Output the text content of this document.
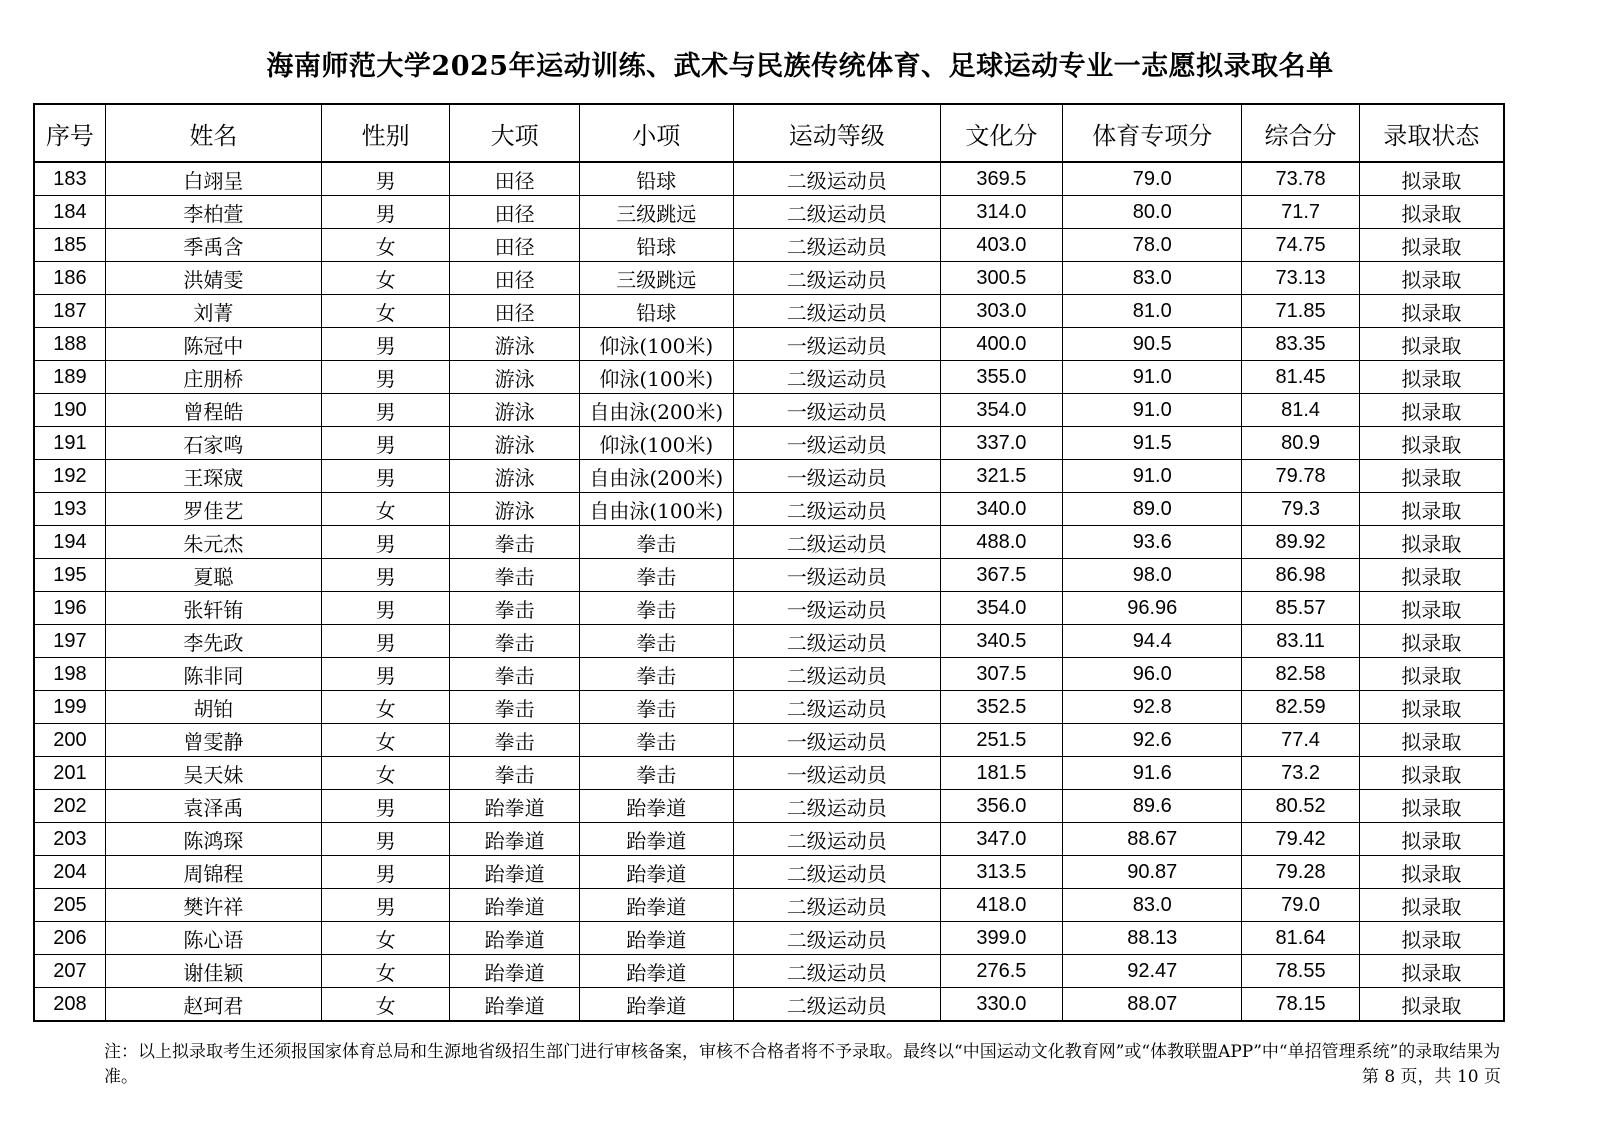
海南师范大学2025年运动训练、武术与民族传统体育、足球运动专业一志愿拟录取名单
序号	姓名	性别	大项	小项	运动等级	文化分	体育专项分	综合分	录取状态
183	白翊呈	男	田径	铅球	二级运动员	369.5	79.0	73.78	拟录取
184	李柏萱	男	田径	三级跳远	二级运动员	314.0	80.0	71.7	拟录取
185	季禹含	女	田径	铅球	二级运动员	403.0	78.0	74.75	拟录取
186	洪婧雯	女	田径	三级跳远	二级运动员	300.5	83.0	73.13	拟录取
187	刘菁	女	田径	铅球	二级运动员	303.0	81.0	71.85	拟录取
188	陈冠中	男	游泳	仰泳(100米)	一级运动员	400.0	90.5	83.35	拟录取
189	庄朋桥	男	游泳	仰泳(100米)	二级运动员	355.0	91.0	81.45	拟录取
190	曾程皓	男	游泳	自由泳(200米)	一级运动员	354.0	91.0	81.4	拟录取
191	石家鸣	男	游泳	仰泳(100米)	一级运动员	337.0	91.5	80.9	拟录取
192	王琛宬	男	游泳	自由泳(200米)	一级运动员	321.5	91.0	79.78	拟录取
193	罗佳艺	女	游泳	自由泳(100米)	二级运动员	340.0	89.0	79.3	拟录取
194	朱元杰	男	拳击	拳击	二级运动员	488.0	93.6	89.92	拟录取
195	夏聪	男	拳击	拳击	一级运动员	367.5	98.0	86.98	拟录取
196	张轩铕	男	拳击	拳击	一级运动员	354.0	96.96	85.57	拟录取
197	李先政	男	拳击	拳击	二级运动员	340.5	94.4	83.11	拟录取
198	陈非同	男	拳击	拳击	二级运动员	307.5	96.0	82.58	拟录取
199	胡铂	女	拳击	拳击	二级运动员	352.5	92.8	82.59	拟录取
200	曾雯静	女	拳击	拳击	一级运动员	251.5	92.6	77.4	拟录取
201	吴天妹	女	拳击	拳击	一级运动员	181.5	91.6	73.2	拟录取
202	袁泽禹	男	跆拳道	跆拳道	二级运动员	356.0	89.6	80.52	拟录取
203	陈鸿琛	男	跆拳道	跆拳道	二级运动员	347.0	88.67	79.42	拟录取
204	周锦程	男	跆拳道	跆拳道	二级运动员	313.5	90.87	79.28	拟录取
205	樊许祥	男	跆拳道	跆拳道	二级运动员	418.0	83.0	79.0	拟录取
206	陈心语	女	跆拳道	跆拳道	二级运动员	399.0	88.13	81.64	拟录取
207	谢佳颖	女	跆拳道	跆拳道	二级运动员	276.5	92.47	78.55	拟录取
208	赵珂君	女	跆拳道	跆拳道	二级运动员	330.0	88.07	78.15	拟录取
注：以上拟录取考生还须报国家体育总局和生源地省级招生部门进行审核备案，审核不合格者将不予录取。最终以“中国运动文化教育网”或“体教联盟APP”中“单招管理系统”的录取结果为准。	第 8 页，共 10 页
